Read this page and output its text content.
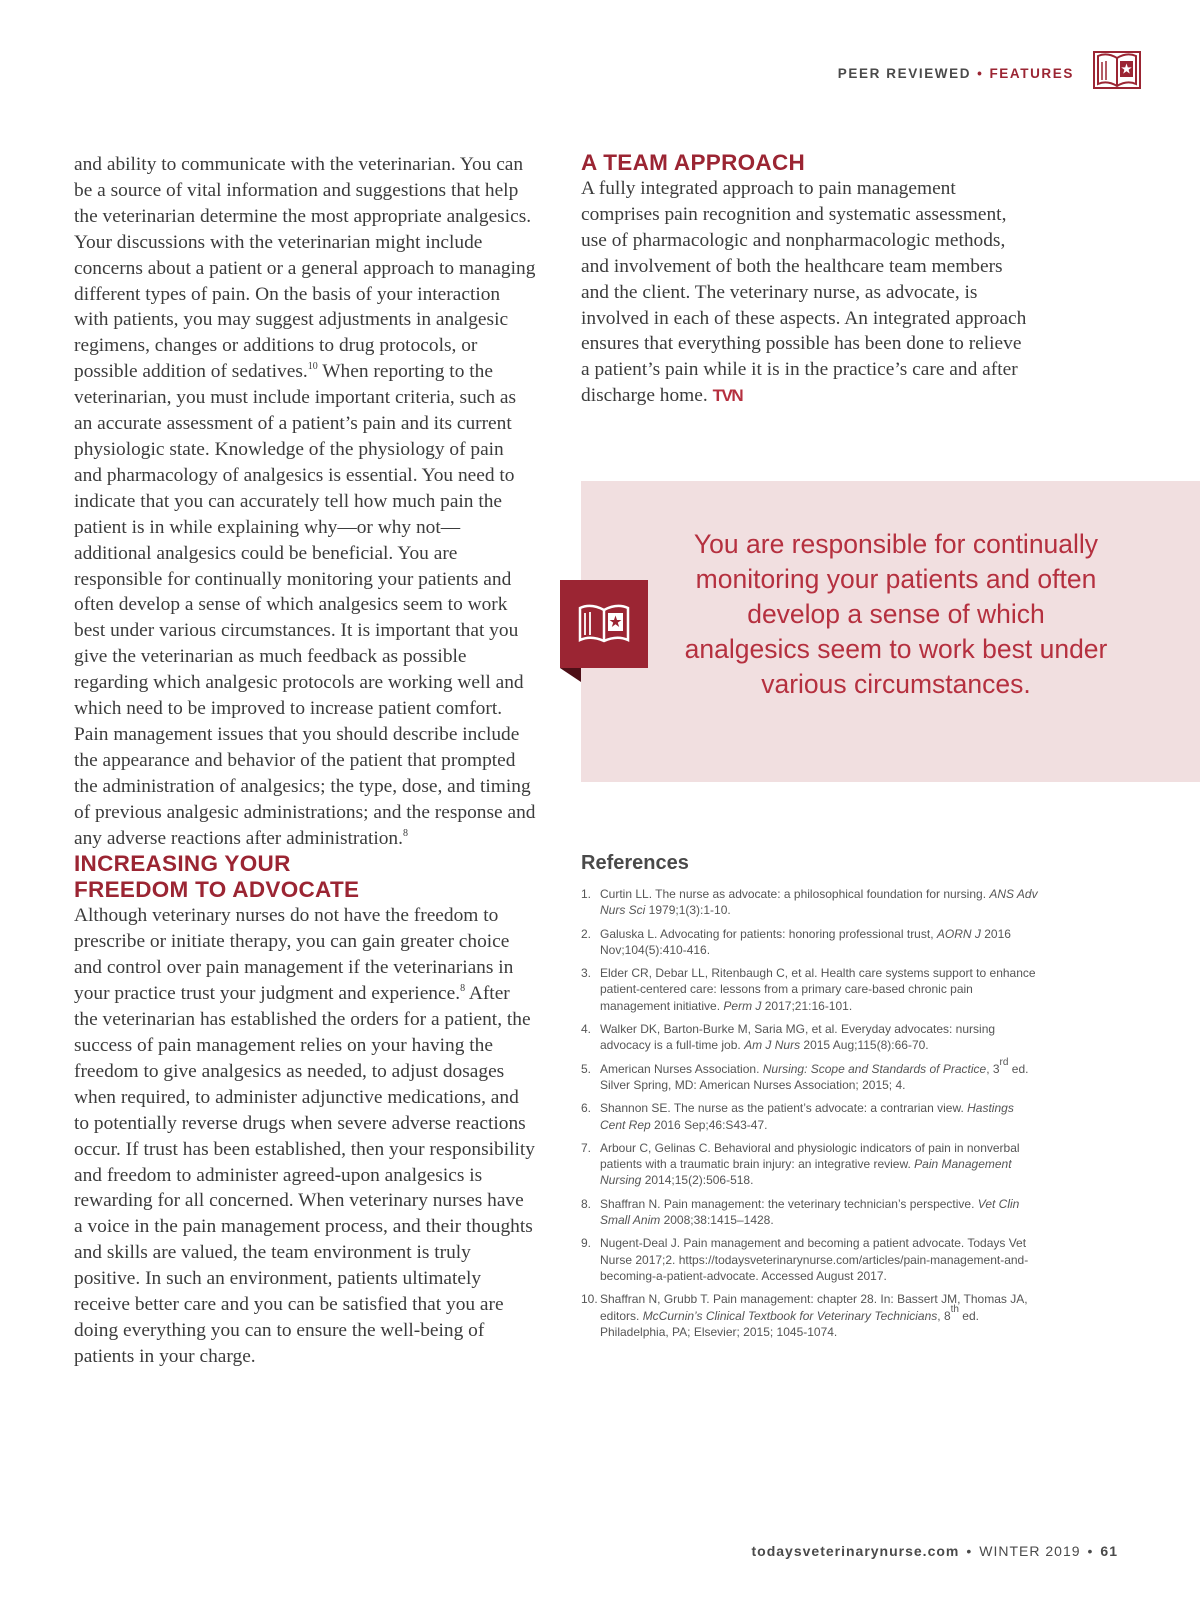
PEER REVIEWED • FEATURES

and ability to communicate with the veterinarian. You can be a source of vital information and suggestions that help the veterinarian determine the most appropriate analgesics. Your discussions with the veterinarian might include concerns about a patient or a general approach to managing different types of pain. On the basis of your interaction with patients, you may suggest adjustments in analgesic regimens, changes or additions to drug protocols, or possible addition of sedatives.$^{10}$ When reporting to the veterinarian, you must include important criteria, such as an accurate assessment of a patient’s pain and its current physiologic state. Knowledge of the physiology of pain and pharmacology of analgesics is essential. You need to indicate that you can accurately tell how much pain the patient is in while explaining why—or why not—additional analgesics could be beneficial. You are responsible for continually monitoring your patients and often develop a sense of which analgesics seem to work best under various circumstances. It is important that you give the veterinarian as much feedback as possible regarding which analgesic protocols are working well and which need to be improved to increase patient comfort. Pain management issues that you should describe include the appearance and behavior of the patient that prompted the administration of analgesics; the type, dose, and timing of previous analgesic administrations; and the response and any adverse reactions after administration.$^8$

INCREASING YOUR
FREEDOM TO ADVOCATE

Although veterinary nurses do not have the freedom to prescribe or initiate therapy, you can gain greater choice and control over pain management if the veterinarians in your practice trust your judgment and experience.$^8$ After the veterinarian has established the orders for a patient, the success of pain management relies on your having the freedom to give analgesics as needed, to adjust dosages when required, to administer adjunctive medications, and to potentially reverse drugs when severe adverse reactions occur. If trust has been established, then your responsibility and freedom to administer agreed-upon analgesics is rewarding for all concerned. When veterinary nurses have a voice in the pain management process, and their thoughts and skills are valued, the team environment is truly positive. In such an environment, patients ultimately receive better care and you can be satisfied that you are doing everything you can to ensure the well-being of patients in your charge.

A TEAM APPROACH

A fully integrated approach to pain management comprises pain recognition and systematic assessment, use of pharmacologic and nonpharmacologic methods, and involvement of both the healthcare team members and the client. The veterinary nurse, as advocate, is involved in each of these aspects. An integrated approach ensures that everything possible has been done to relieve a patient’s pain while it is in the practice’s care and after discharge home. TVN

You are responsible for continually monitoring your patients and often develop a sense of which analgesics seem to work best under various circumstances.
References
1. Curtin LL. The nurse as advocate: a philosophical foundation for nursing. ANS Adv Nurs Sci 1979;1(3):1-10.
2. Galuska L. Advocating for patients: honoring professional trust, AORN J 2016 Nov;104(5):410-416.
3. Elder CR, Debar LL, Ritenbaugh C, et al. Health care systems support to enhance patient-centered care: lessons from a primary care-based chronic pain management initiative. Perm J 2017;21:16-101.
4. Walker DK, Barton-Burke M, Saria MG, et al. Everyday advocates: nursing advocacy is a full-time job. Am J Nurs 2015 Aug;115(8):66-70.
5. American Nurses Association. Nursing: Scope and Standards of Practice, 3rd ed. Silver Spring, MD: American Nurses Association; 2015; 4.
6. Shannon SE. The nurse as the patient’s advocate: a contrarian view. Hastings Cent Rep 2016 Sep;46:S43-47.
7. Arbour C, Gelinas C. Behavioral and physiologic indicators of pain in nonverbal patients with a traumatic brain injury: an integrative review. Pain Management Nursing 2014;15(2):506-518.
8. Shaffran N. Pain management: the veterinary technician’s perspective. Vet Clin Small Anim 2008;38:1415–1428.
9. Nugent-Deal J. Pain management and becoming a patient advocate. Todays Vet Nurse 2017;2. https://todaysveterinarynurse.com/articles/pain-management-and-becoming-a-patient-advocate. Accessed August 2017.
10. Shaffran N, Grubb T. Pain management: chapter 28. In: Bassert JM, Thomas JA, editors. McCurnin’s Clinical Textbook for Veterinary Technicians, 8th ed. Philadelphia, PA; Elsevier; 2015; 1045-1074.
todaysveterinarynurse.com • WINTER 2019 • 61
